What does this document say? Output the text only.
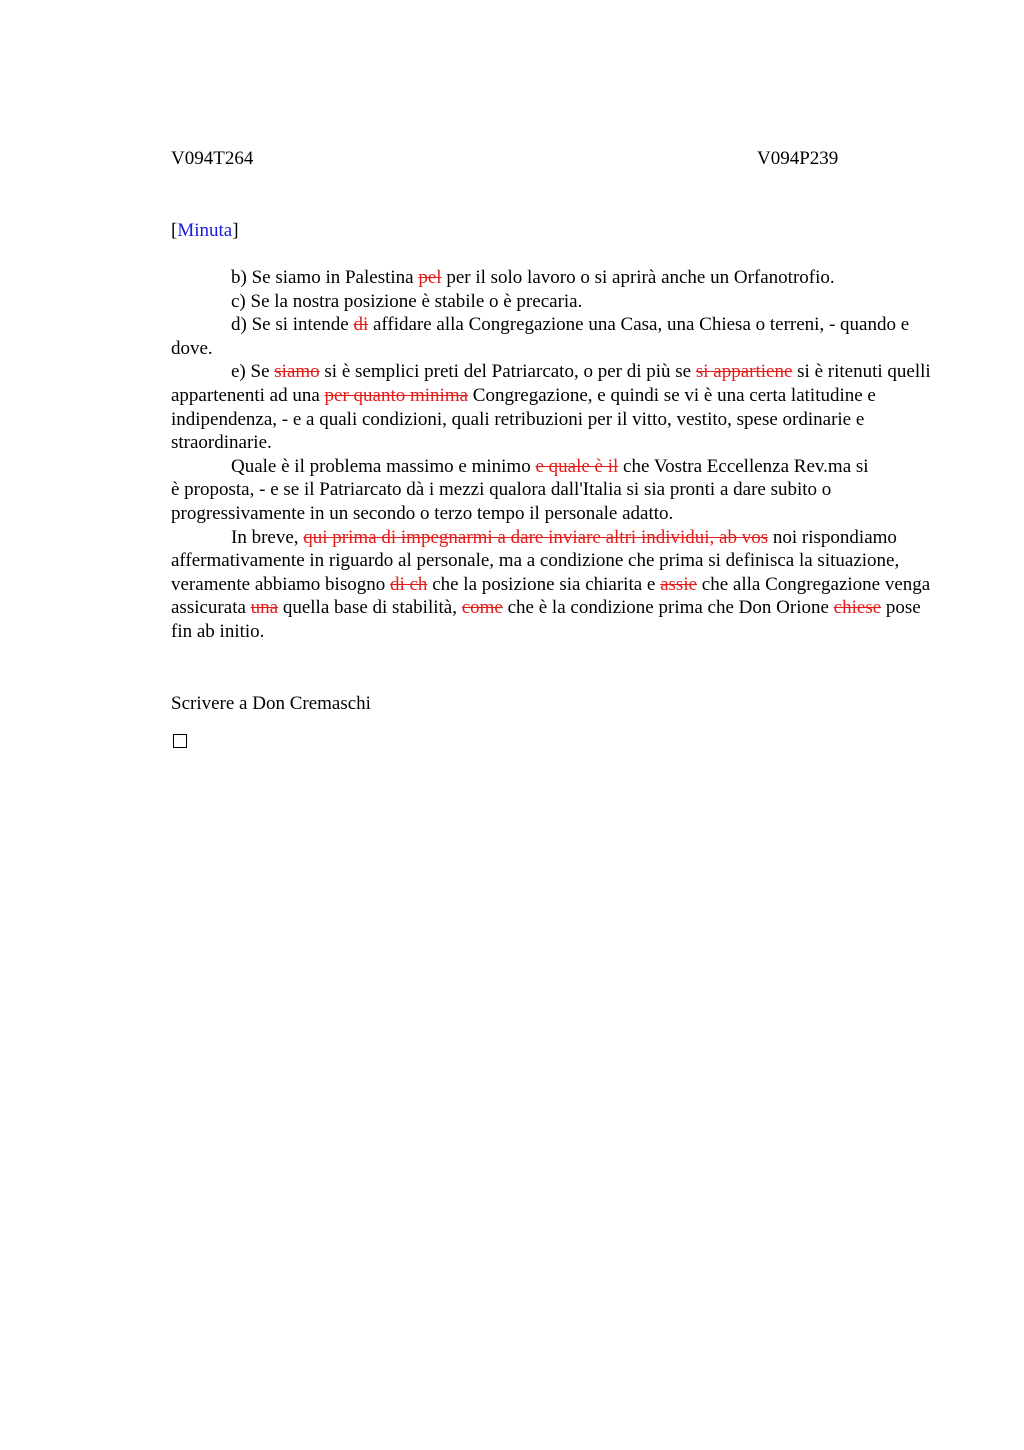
V094T264	V094P239
[Minuta]

b) Se siamo in Palestina pel per il solo lavoro o si aprirà anche un Orfanotrofio.

c) Se la nostra posizione è stabile o è precaria.

d) Se si intende di affidare alla Congregazione una Casa, una Chiesa o terreni, - quando e dove.

e) Se siamo si è semplici preti del Patriarcato, o per di più se si appartiene si è ritenuti quelli appartenenti ad una per quanto minima Congregazione, e quindi se vi è una certa latitudine e indipendenza, - e a quali condizioni, quali retribuzioni per il vitto, vestito, spese ordinarie e straordinarie.

Quale è il problema massimo e minimo e quale è il che Vostra Eccellenza Rev.ma si

è proposta, - e se il Patriarcato dà i mezzi qualora dall'Italia si sia pronti a dare subito o progressivamente in un secondo o terzo tempo il personale adatto.

In breve, qui prima di impegnarmi a dare inviare altri individui, ab vos noi rispondiamo affermativamente in riguardo al personale, ma a condizione che prima si definisca la situazione, veramente abbiamo bisogno di ch che la posizione sia chiarita e assie che alla Congregazione venga assicurata una quella base di stabilità, come che è la condizione prima che Don Orione chiese pose fin ab initio.

Scrivere a Don Cremaschi
